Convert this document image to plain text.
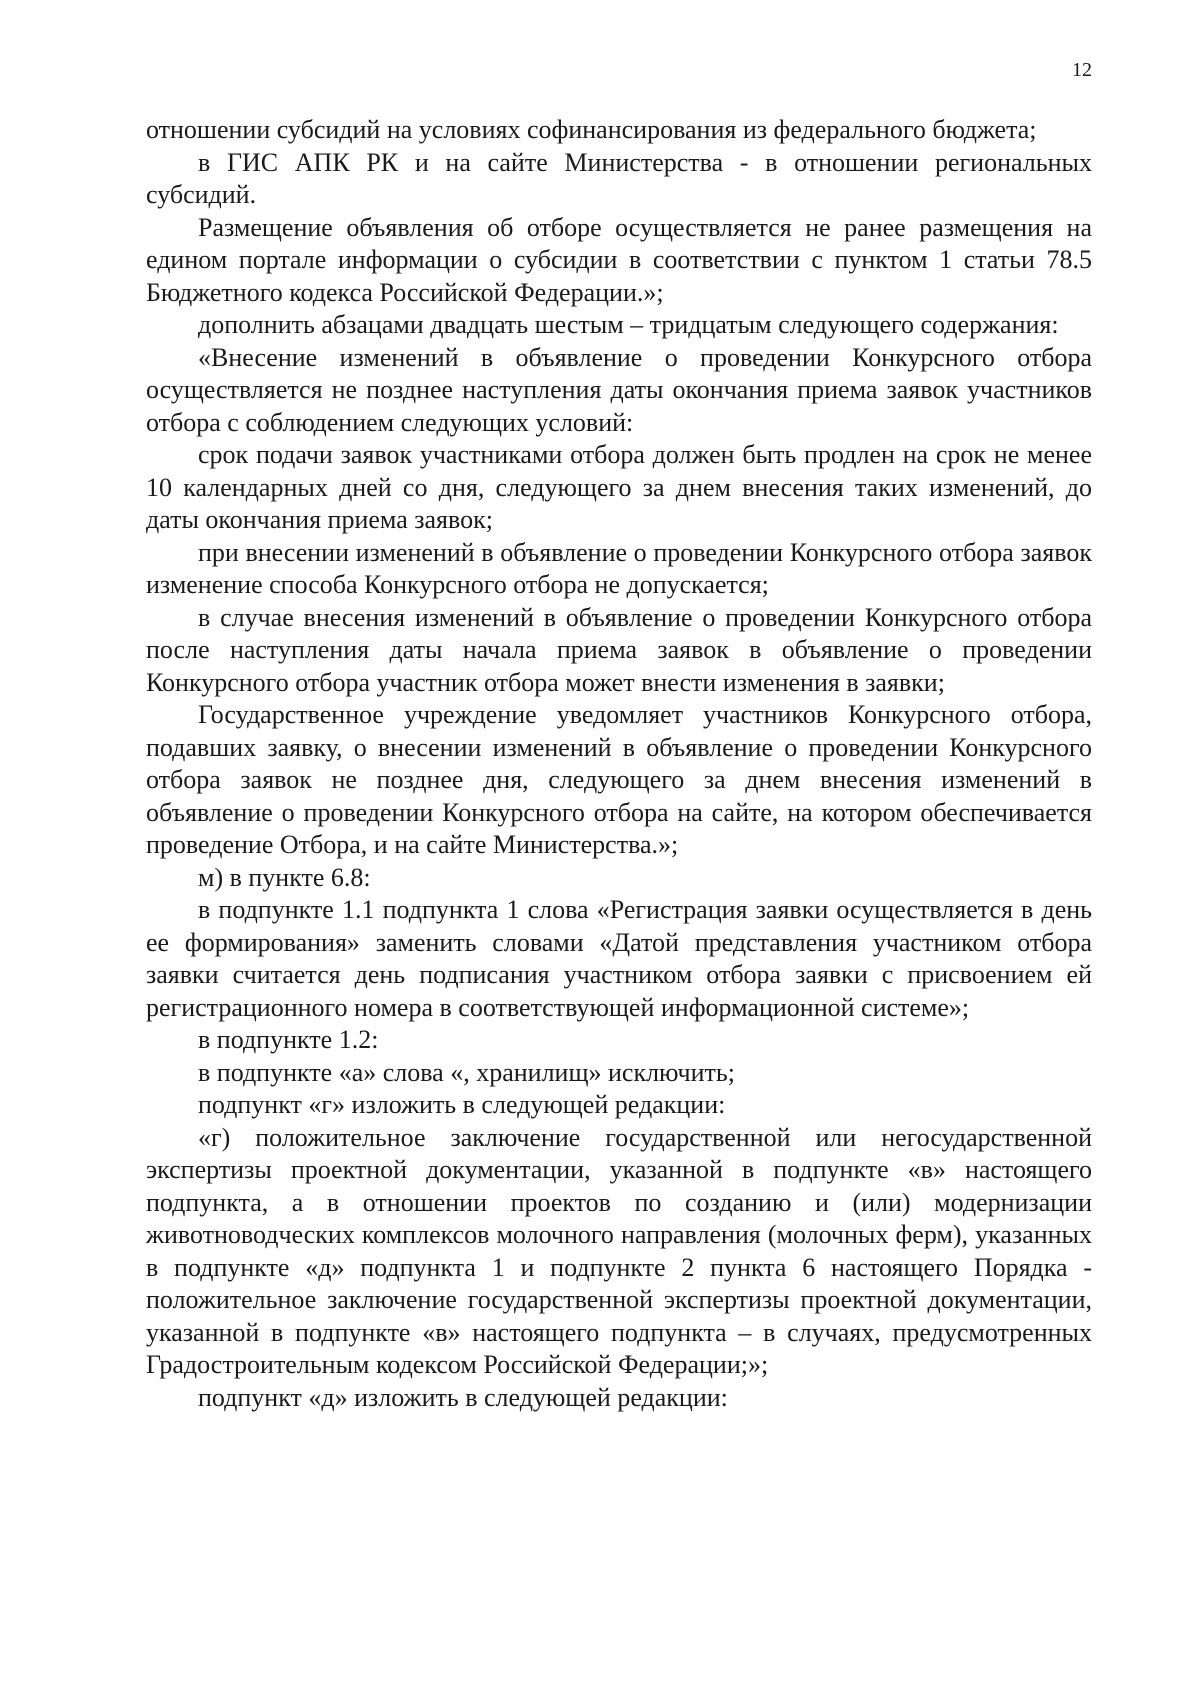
12

отношении субсидий на условиях софинансирования из федерального бюджета;

в ГИС АПК РК и на сайте Министерства - в отношении региональных субсидий.

Размещение объявления об отборе осуществляется не ранее размещения на едином портале информации о субсидии в соответствии с пунктом 1 статьи 78.5 Бюджетного кодекса Российской Федерации.»;

дополнить абзацами двадцать шестым – тридцатым следующего содержания:

«Внесение изменений в объявление о проведении Конкурсного отбора осуществляется не позднее наступления даты окончания приема заявок участников отбора с соблюдением следующих условий:

срок подачи заявок участниками отбора должен быть продлен на срок не менее 10 календарных дней со дня, следующего за днем внесения таких изменений, до даты окончания приема заявок;

при внесении изменений в объявление о проведении Конкурсного отбора заявок изменение способа Конкурсного отбора не допускается;

в случае внесения изменений в объявление о проведении Конкурсного отбора после наступления даты начала приема заявок в объявление о проведении Конкурсного отбора участник отбора может внести изменения в заявки;

Государственное учреждение уведомляет участников Конкурсного отбора, подавших заявку, о внесении изменений в объявление о проведении Конкурсного отбора заявок не позднее дня, следующего за днем внесения изменений в объявление о проведении Конкурсного отбора на сайте, на котором обеспечивается проведение Отбора, и на сайте Министерства.»;

м) в пункте 6.8:

в подпункте 1.1 подпункта 1 слова «Регистрация заявки осуществляется в день ее формирования» заменить словами «Датой представления участником отбора заявки считается день подписания участником отбора заявки с присвоением ей регистрационного номера в соответствующей информационной системе»;

в подпункте 1.2:

в подпункте «а» слова «, хранилищ» исключить;

подпункт «г» изложить в следующей редакции:

«г) положительное заключение государственной или негосударственной экспертизы проектной документации, указанной в подпункте «в» настоящего подпункта, а в отношении проектов по созданию и (или) модернизации животноводческих комплексов молочного направления (молочных ферм), указанных в подпункте «д» подпункта 1 и подпункте 2 пункта 6 настоящего Порядка - положительное заключение государственной экспертизы проектной документации, указанной в подпункте «в» настоящего подпункта – в случаях, предусмотренных Градостроительным кодексом Российской Федерации;»;

подпункт «д» изложить в следующей редакции:
